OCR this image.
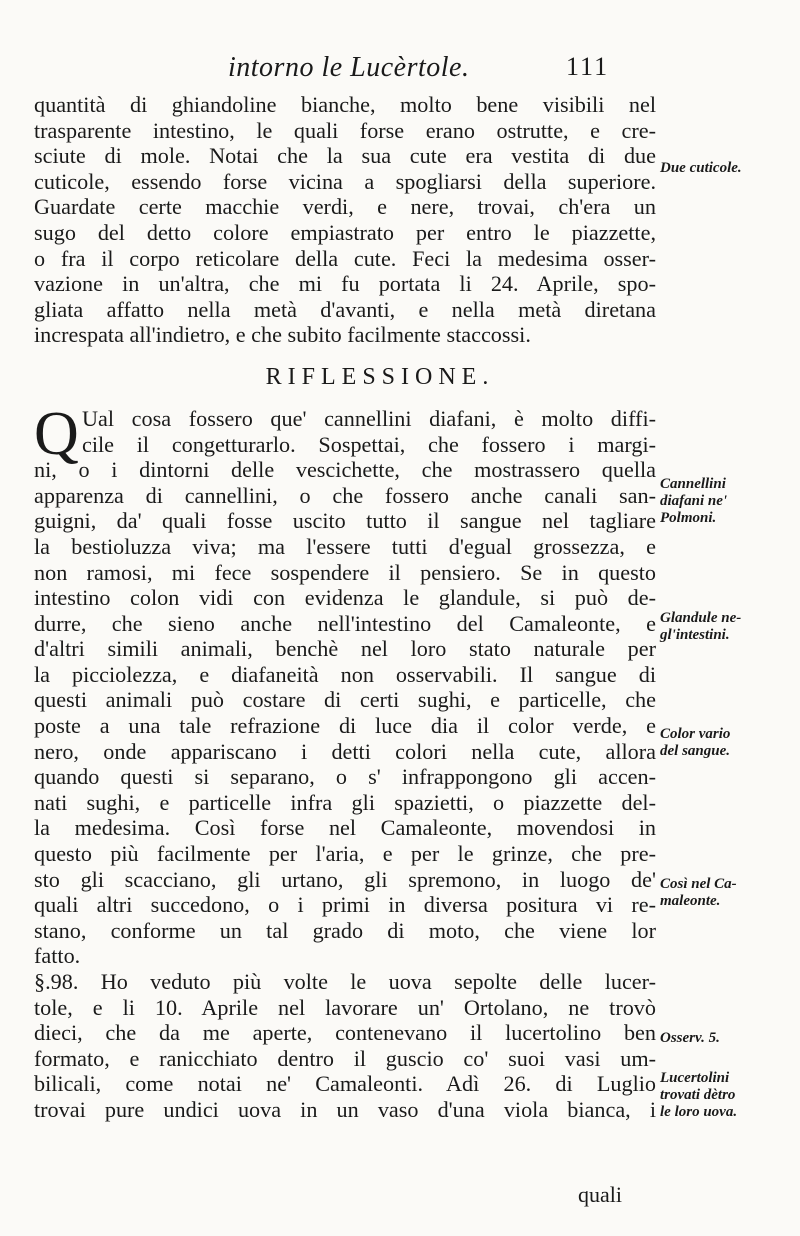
intorno le Lucèrtole.	111
quantità di ghiandoline bianche, molto bene visibili nel
trasparente intestino, le quali forse erano ostrutte, e cre-
sciute di mole. Notai che la sua cute era vestita di due
cuticole, essendo forse vicina a spogliarsi della superiore.
Guardate certe macchie verdi, e nere, trovai, ch'era un
sugo del detto colore empiastrato per entro le piazzette,
o fra il corpo reticolare della cute. Feci la medesima osser-
vazione in un'altra, che mi fu portata li 24. Aprile, spo-
gliata affatto nella metà d'avanti, e nella metà diretana
increspata all'indietro, e che subito facilmente staccossi.
RIFLESSIONE.
Q Ual cosa fossero que' cannellini diafani, è molto diffi-
cile il congetturarlo. Sospettai, che fossero i margi-
ni, o i dintorni delle vescichette, che mostrassero quella
apparenza di cannellini, o che fossero anche canali san-
guigni, da' quali fosse uscito tutto il sangue nel tagliare
la bestioluzza viva; ma l'essere tutti d'egual grossezza, e
non ramosi, mi fece sospendere il pensiero. Se in questo
intestino colon vidi con evidenza le glandule, si può de-
durre, che sieno anche nell'intestino del Camaleonte, e
d'altri simili animali, benchè nel loro stato naturale per
la picciolezza, e diafaneità non osservabili. Il sangue di
questi animali può costare di certi sughi, e particelle, che
poste a una tale refrazione di luce dia il color verde, e
nero, onde appariscano i detti colori nella cute, allora
quando questi si separano, o s' infrappongono gli accen-
nati sughi, e particelle infra gli spazietti, o piazzette del-
la medesima. Così forse nel Camaleonte, movendosi in
questo più facilmente per l'aria, e per le grinze, che pre-
sto gli scacciano, gli urtano, gli spremono, in luogo de'
quali altri succedono, o i primi in diversa positura vi re-
stano, conforme un tal grado di moto, che viene lor
fatto.
§.98. Ho veduto più volte le uova sepolte delle lucer-
tole, e li 10. Aprile nel lavorare un' Ortolano, ne trovò
dieci, che da me aperte, contenevano il lucertolino ben
formato, e ranicchiato dentro il guscio co' suoi vasi um-
bilicali, come notai ne' Camaleonti. Adì 26. di Luglio
trovai pure undici uova in un vaso d'una viola bianca, i
quali
Due cuticole.
Cannellini
diafani ne'
Polmoni.
Glandule ne-
gl'intestini.
Color vario
del sangue.
Così nel Ca-
maleonte.
Osserv. 5.
Lucertolini
trovati dètro
le loro uova.
